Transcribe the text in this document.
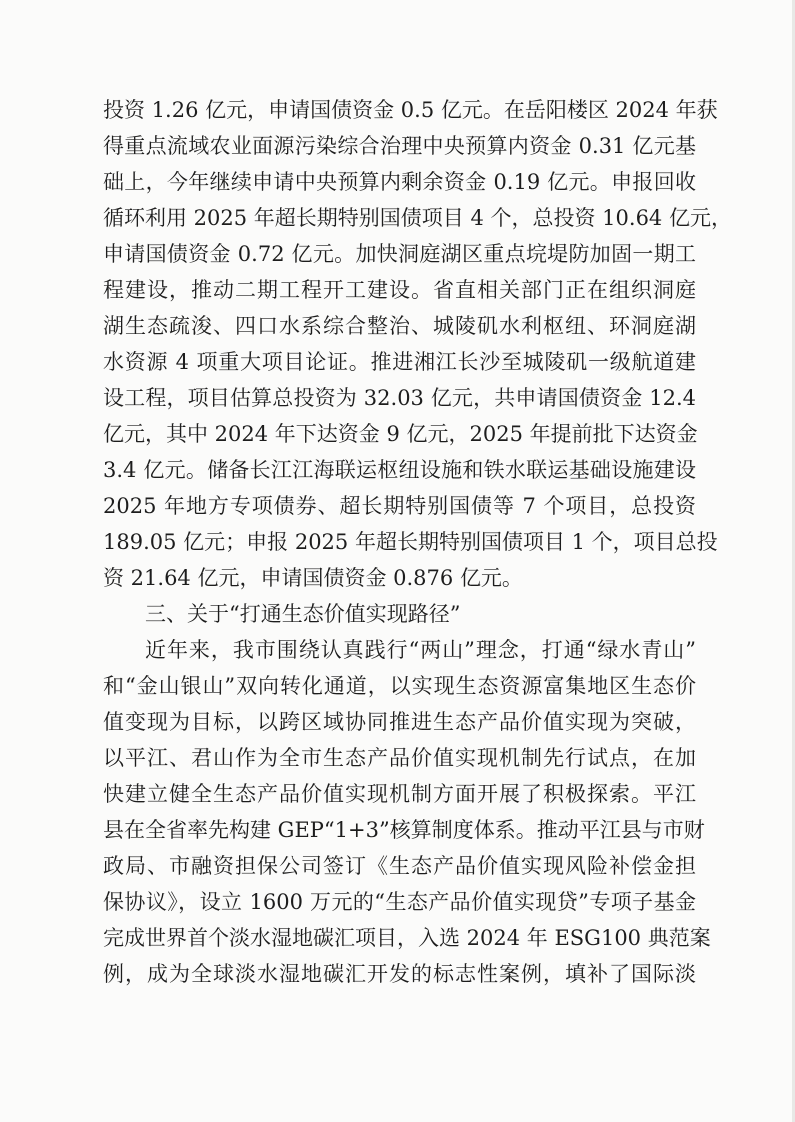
投资 1.26 亿元，申请国债资金 0.5 亿元。在岳阳楼区 2024 年获
得重点流域农业面源污染综合治理中央预算内资金 0.31 亿元基
础上，今年继续申请中央预算内剩余资金 0.19 亿元。申报回收
循环利用 2025 年超长期特别国债项目 4 个，总投资 10.64 亿元，
申请国债资金 0.72 亿元。加快洞庭湖区重点垸堤防加固一期工
程建设，推动二期工程开工建设。省直相关部门正在组织洞庭
湖生态疏浚、四口水系综合整治、城陵矶水利枢纽、环洞庭湖
水资源 4 项重大项目论证。推进湘江长沙至城陵矶一级航道建
设工程，项目估算总投资为 32.03 亿元，共申请国债资金 12.4
亿元，其中 2024 年下达资金 9 亿元，2025 年提前批下达资金
3.4 亿元。储备长江江海联运枢纽设施和铁水联运基础设施建设
2025 年地方专项债券、超长期特别国债等 7 个项目，总投资
189.05 亿元；申报 2025 年超长期特别国债项目 1 个，项目总投
资 21.64 亿元，申请国债资金 0.876 亿元。
三、关于“打通生态价值实现路径”
近年来，我市围绕认真践行“两山”理念，打通“绿水青山”
和“金山银山”双向转化通道，以实现生态资源富集地区生态价
值变现为目标，以跨区域协同推进生态产品价值实现为突破，
以平江、君山作为全市生态产品价值实现机制先行试点，在加
快建立健全生态产品价值实现机制方面开展了积极探索。平江
县在全省率先构建 GEP“1+3”核算制度体系。推动平江县与市财
政局、市融资担保公司签订《生态产品价值实现风险补偿金担
保协议》，设立 1600 万元的“生态产品价值实现贷”专项子基金
完成世界首个淡水湿地碳汇项目，入选 2024 年 ESG100 典范案
例，成为全球淡水湿地碳汇开发的标志性案例，填补了国际淡
